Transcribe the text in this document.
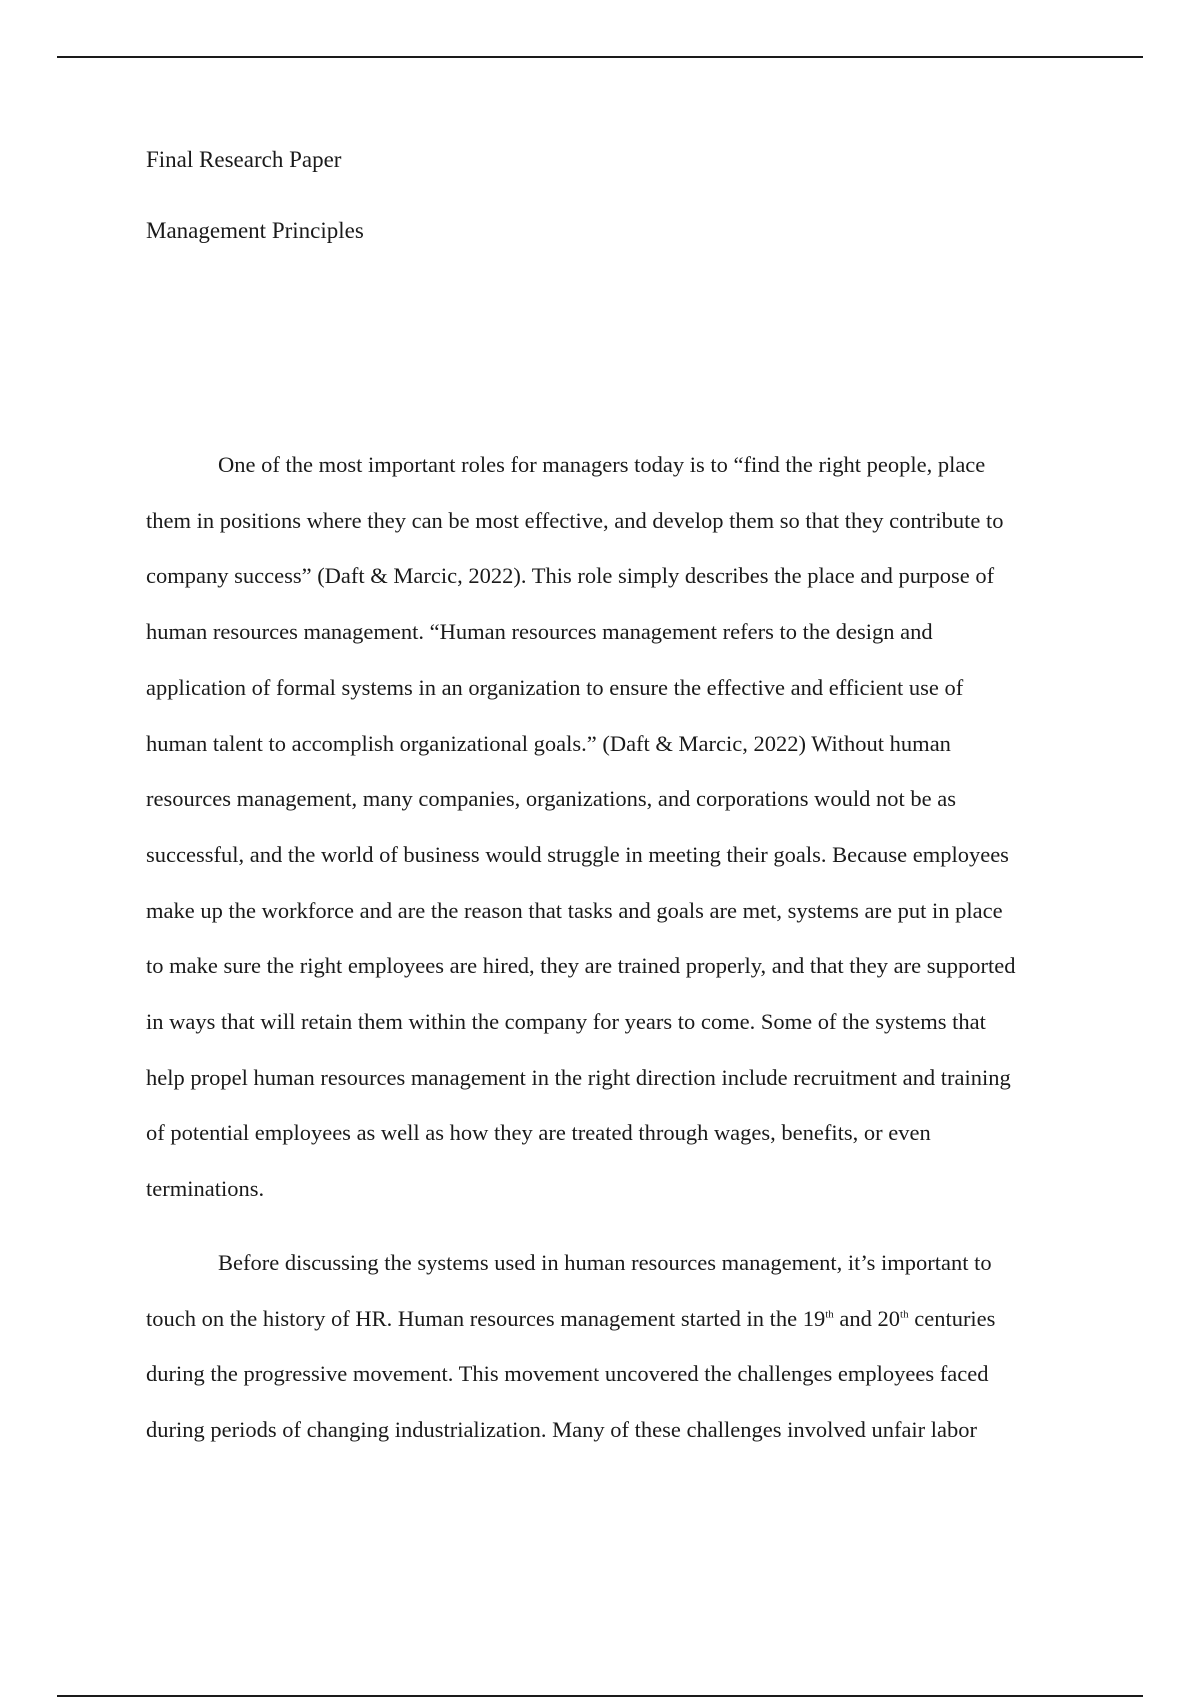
Final Research Paper

Management Principles

One of the most important roles for managers today is to “find the right people, place
them in positions where they can be most effective, and develop them so that they contribute to
company success” (Daft & Marcic, 2022). This role simply describes the place and purpose of
human resources management. “Human resources management refers to the design and
application of formal systems in an organization to ensure the effective and efficient use of
human talent to accomplish organizational goals.” (Daft & Marcic, 2022) Without human
resources management, many companies, organizations, and corporations would not be as
successful, and the world of business would struggle in meeting their goals. Because employees
make up the workforce and are the reason that tasks and goals are met, systems are put in place
to make sure the right employees are hired, they are trained properly, and that they are supported
in ways that will retain them within the company for years to come. Some of the systems that
help propel human resources management in the right direction include recruitment and training
of potential employees as well as how they are treated through wages, benefits, or even
terminations.
Before discussing the systems used in human resources management, it’s important to
touch on the history of HR. Human resources management started in the 19th and 20th centuries
during the progressive movement. This movement uncovered the challenges employees faced
during periods of changing industrialization. Many of these challenges involved unfair labor
